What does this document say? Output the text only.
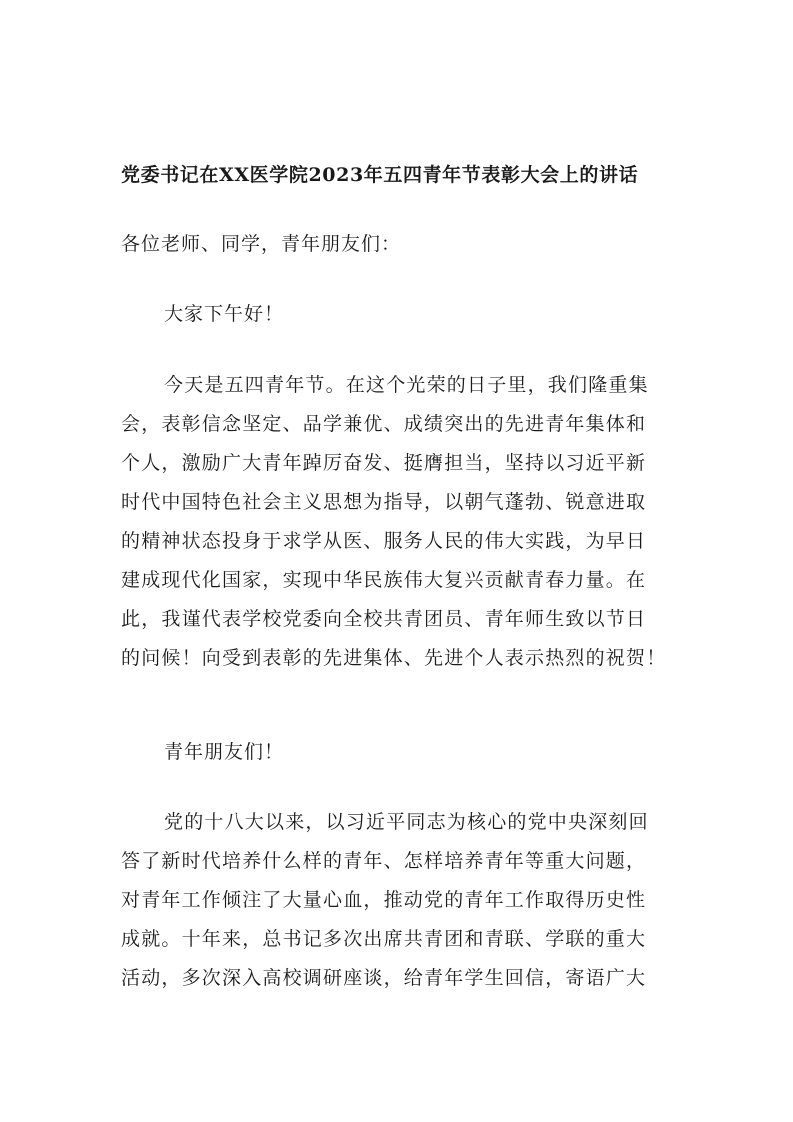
党委书记在XX医学院2023年五四青年节表彰大会上的讲话
各位老师、同学，青年朋友们：
大家下午好！
今天是五四青年节。在这个光荣的日子里，我们隆重集
会，表彰信念坚定、品学兼优、成绩突出的先进青年集体和
个人，激励广大青年踔厉奋发、挺膺担当，坚持以习近平新
时代中国特色社会主义思想为指导，以朝气蓬勃、锐意进取
的精神状态投身于求学从医、服务人民的伟大实践，为早日
建成现代化国家，实现中华民族伟大复兴贡献青春力量。在
此，我谨代表学校党委向全校共青团员、青年师生致以节日
的问候！向受到表彰的先进集体、先进个人表示热烈的祝贺！
青年朋友们！
党的十八大以来，以习近平同志为核心的党中央深刻回
答了新时代培养什么样的青年、怎样培养青年等重大问题，
对青年工作倾注了大量心血，推动党的青年工作取得历史性
成就。十年来，总书记多次出席共青团和青联、学联的重大
活动，多次深入高校调研座谈，给青年学生回信，寄语广大
